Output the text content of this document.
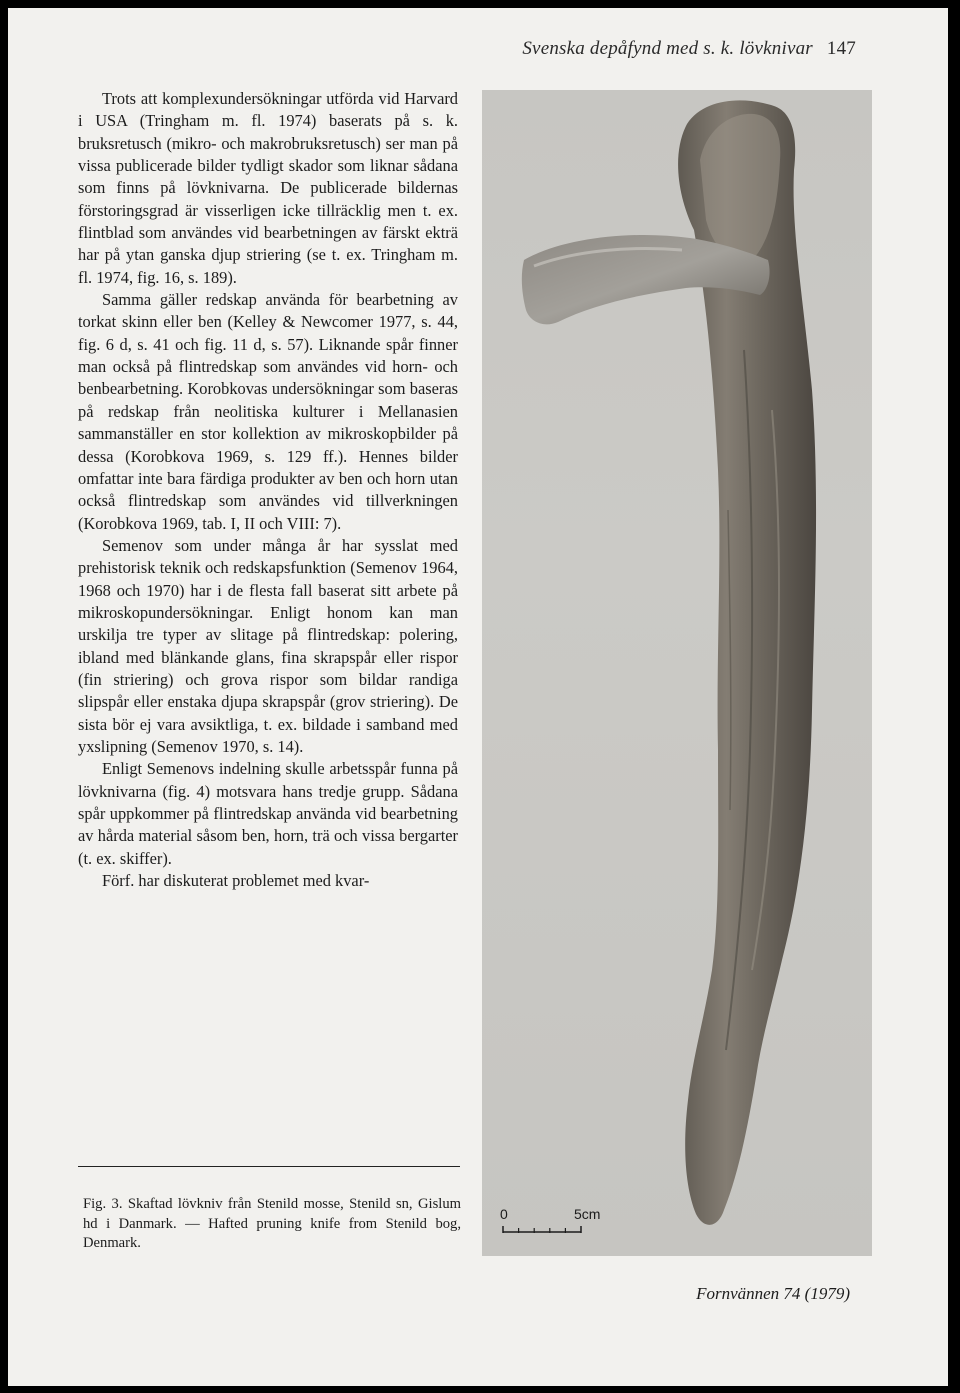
Svenska depåfynd med s. k. lövknivar 147

Trots att komplexundersökningar utförda vid Harvard i USA (Tringham m. fl. 1974) baserats på s. k. bruksretusch (mikro- och makrobruksretusch) ser man på vissa publicerade bilder tydligt skador som liknar sådana som finns på lövknivarna. De publicerade bildernas förstoringsgrad är visserligen icke tillräcklig men t. ex. flintblad som användes vid bearbetningen av färskt ekträ har på ytan ganska djup striering (se t. ex. Tringham m. fl. 1974, fig. 16, s. 189).

Samma gäller redskap använda för bearbetning av torkat skinn eller ben (Kelley & Newcomer 1977, s. 44, fig. 6 d, s. 41 och fig. 11 d, s. 57). Liknande spår finner man också på flintredskap som användes vid horn- och benbearbetning. Korobkovas undersökningar som baseras på redskap från neolitiska kulturer i Mellanasien sammanställer en stor kollektion av mikroskopbilder på dessa (Korobkova 1969, s. 129 ff.). Hennes bilder omfattar inte bara färdiga produkter av ben och horn utan också flintredskap som användes vid tillverkningen (Korobkova 1969, tab. I, II och VIII: 7).

Semenov som under många år har sysslat med prehistorisk teknik och redskapsfunktion (Semenov 1964, 1968 och 1970) har i de flesta fall baserat sitt arbete på mikroskopundersökningar. Enligt honom kan man urskilja tre typer av slitage på flintredskap: polering, ibland med blänkande glans, fina skrapspår eller rispor (fin striering) och grova rispor som bildar randiga slipspår eller enstaka djupa skrapspår (grov striering). De sista bör ej vara avsiktliga, t. ex. bildade i samband med yxslipning (Semenov 1970, s. 14).

Enligt Semenovs indelning skulle arbetsspår funna på lövknivarna (fig. 4) motsvara hans tredje grupp. Sådana spår uppkommer på flintredskap använda vid bearbetning av hårda material såsom ben, horn, trä och vissa bergarter (t. ex. skiffer).

Förf. har diskuterat problemet med kvar-

Fig. 3. Skaftad lövkniv från Stenild mosse, Stenild sn, Gislum hd i Danmark. — Hafted pruning knife from Stenild bog, Denmark.
0	5cm
Fornvännen 74 (1979)
